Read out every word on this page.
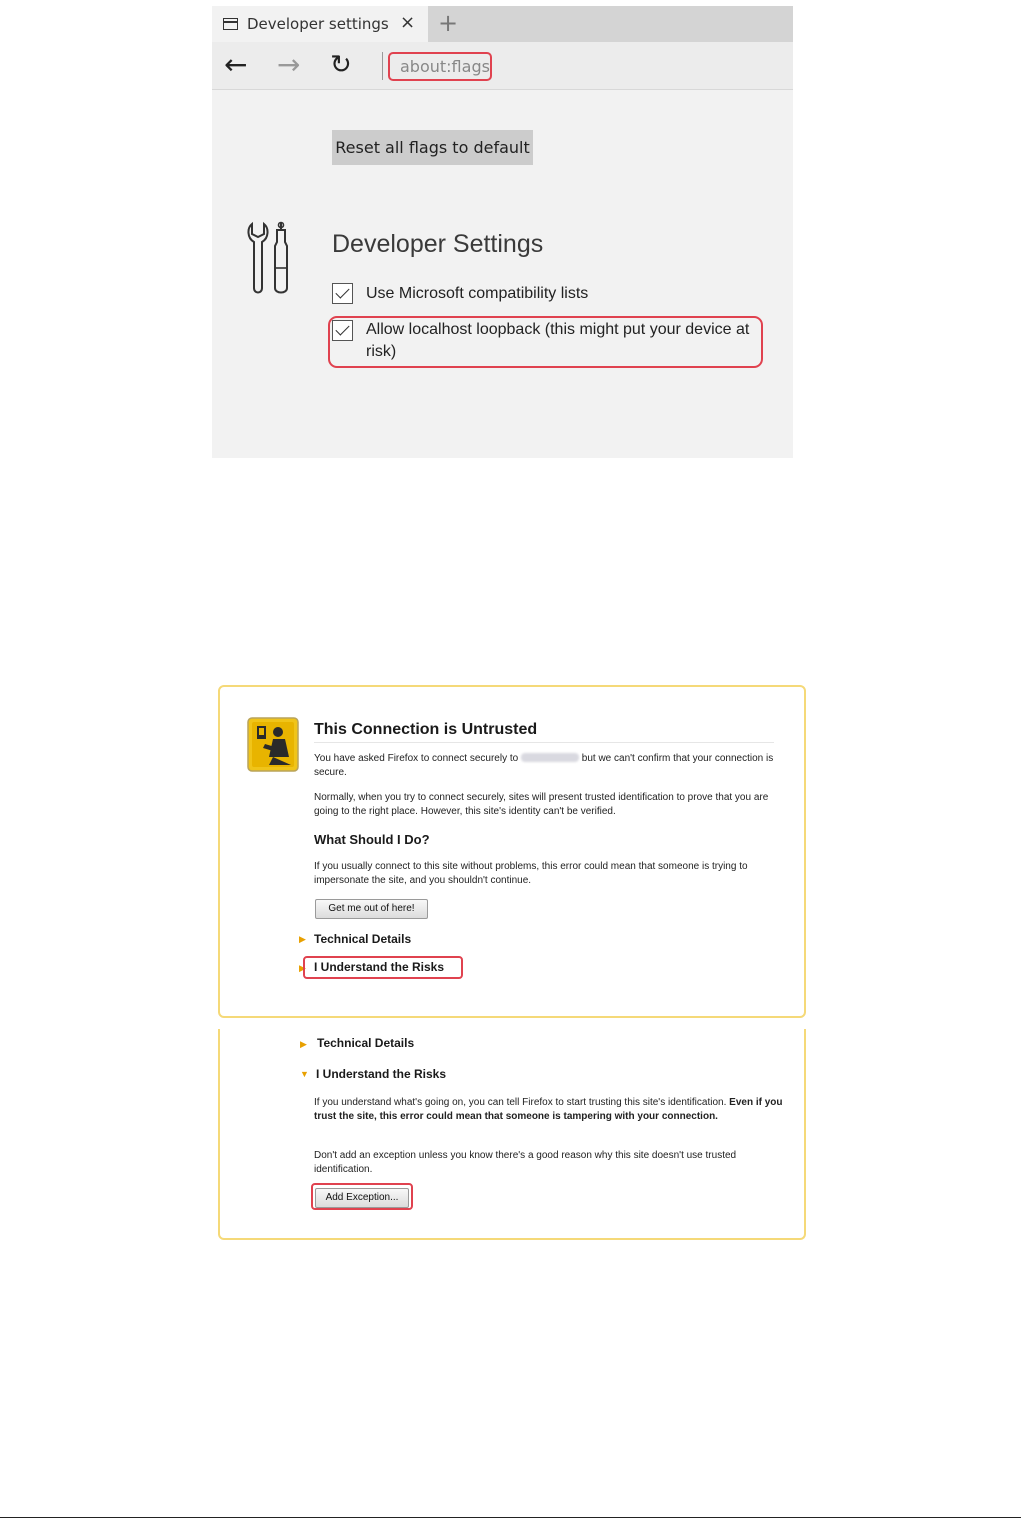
Developer settings × +
← → ↻	about:flags
Reset all flags to default
Developer Settings
Use Microsoft compatibility lists
Allow localhost loopback (this might put your device at risk)
This Connection is Untrusted
You have asked Firefox to connect securely to	but we can't confirm that your connection is secure.
Normally, when you try to connect securely, sites will present trusted identification to prove that you are going to the right place. However, this site's identity can't be verified.
What Should I Do?
If you usually connect to this site without problems, this error could mean that someone is trying to impersonate the site, and you shouldn't continue.
Get me out of here!
▶ Technical Details
▶ I Understand the Risks
▶ Technical Details
▼ I Understand the Risks
If you understand what's going on, you can tell Firefox to start trusting this site's identification. Even if you trust the site, this error could mean that someone is tampering with your connection.
Don't add an exception unless you know there's a good reason why this site doesn't use trusted identification.
Add Exception...
